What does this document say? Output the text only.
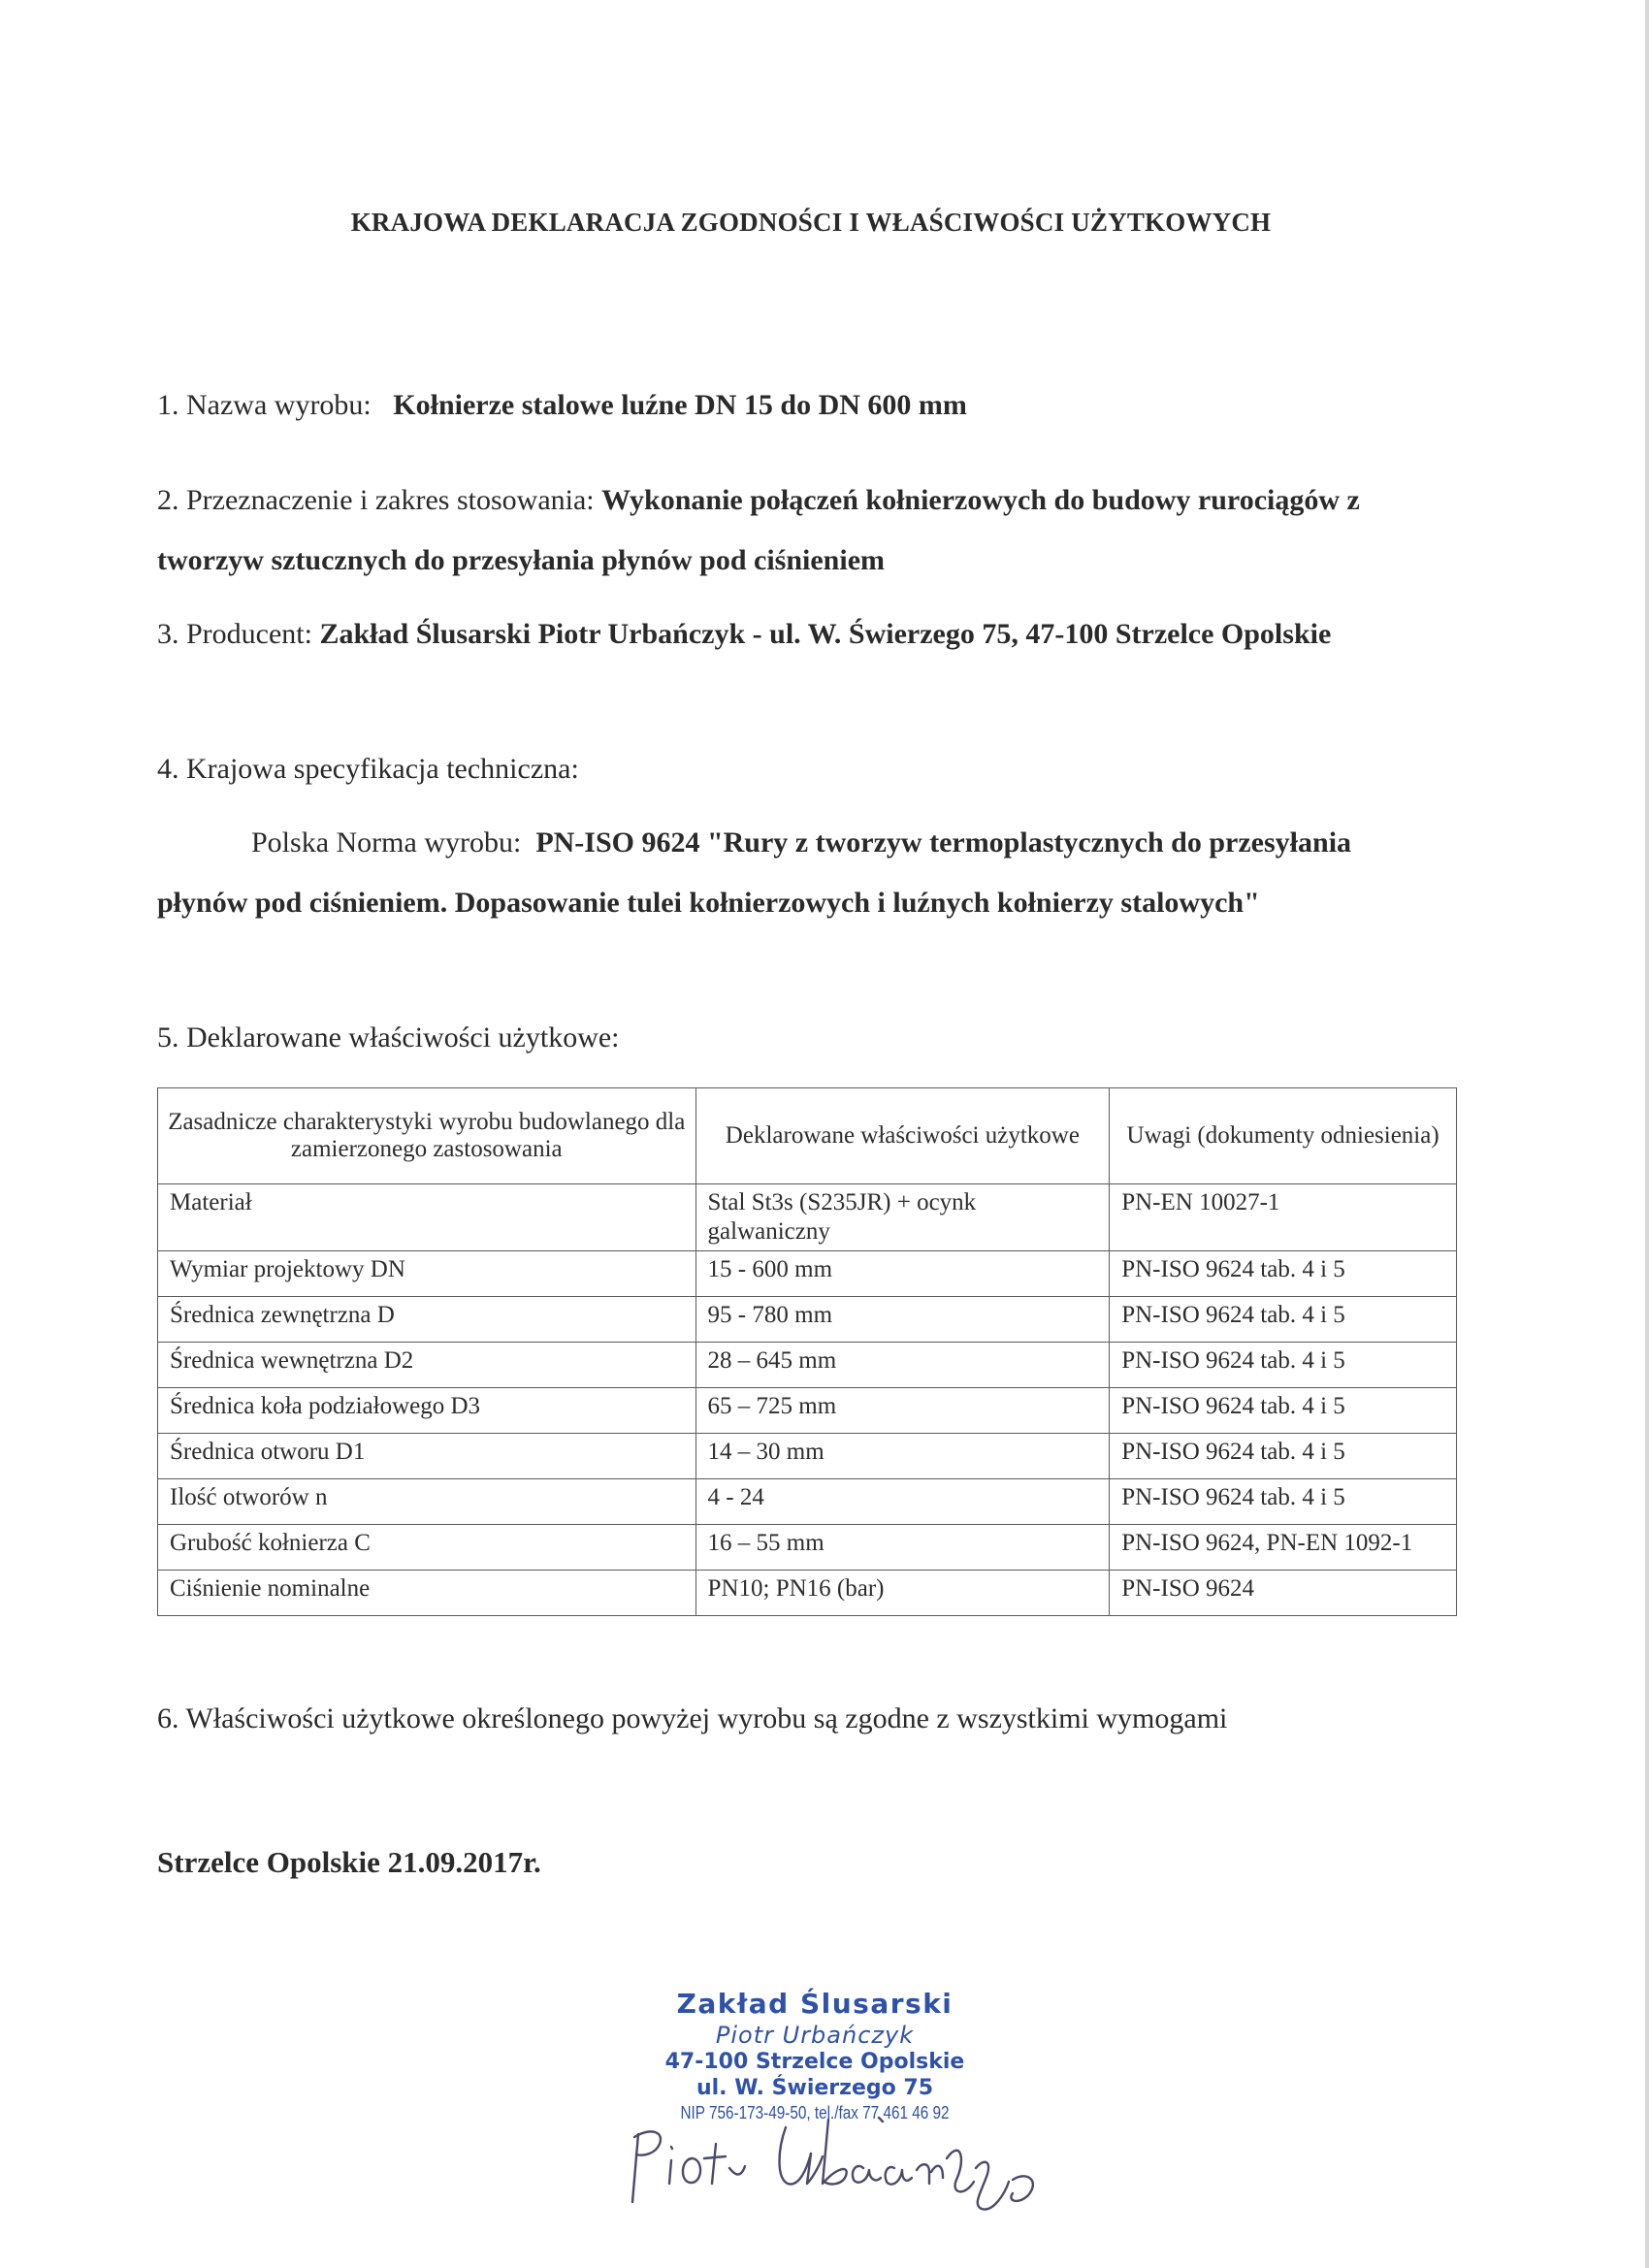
KRAJOWA DEKLARACJA ZGODNOŚCI I WŁAŚCIWOŚCI UŻYTKOWYCH
1. Nazwa wyrobu: Kołnierze stalowe luźne DN 15 do DN 600 mm
2. Przeznaczenie i zakres stosowania: Wykonanie połączeń kołnierzowych do budowy rurociągów z tworzyw sztucznych do przesyłania płynów pod ciśnieniem
3. Producent: Zakład Ślusarski Piotr Urbańczyk - ul. W. Świerzego 75, 47-100 Strzelce Opolskie
4. Krajowa specyfikacja techniczna:
Polska Norma wyrobu: PN-ISO 9624 "Rury z tworzyw termoplastycznych do przesyłania płynów pod ciśnieniem. Dopasowanie tulei kołnierzowych i luźnych kołnierzy stalowych"
5. Deklarowane właściwości użytkowe:
Zasadnicze charakterystyki wyrobu budowlanego dla zamierzonego zastosowania	Deklarowane właściwości użytkowe	Uwagi (dokumenty odniesienia)
Materiał	Stal St3s (S235JR) + ocynk galwaniczny	PN-EN 10027-1
Wymiar projektowy DN	15 - 600 mm	PN-ISO 9624 tab. 4 i 5
Średnica zewnętrzna D	95 - 780 mm	PN-ISO 9624 tab. 4 i 5
Średnica wewnętrzna D2	28 – 645 mm	PN-ISO 9624 tab. 4 i 5
Średnica koła podziałowego D3	65 – 725 mm	PN-ISO 9624 tab. 4 i 5
Średnica otworu D1	14 – 30 mm	PN-ISO 9624 tab. 4 i 5
Ilość otworów n	4 - 24	PN-ISO 9624 tab. 4 i 5
Grubość kołnierza C	16 – 55 mm	PN-ISO 9624, PN-EN 1092-1
Ciśnienie nominalne	PN10; PN16 (bar)	PN-ISO 9624
6. Właściwości użytkowe określonego powyżej wyrobu są zgodne z wszystkimi wymogami
Strzelce Opolskie 21.09.2017r.
Zakład Ślusarski
Piotr Urbańczyk
47-100 Strzelce Opolskie
ul. W. Świerzego 75
NIP 756-173-49-50, tel./fax 77 461 46 92
